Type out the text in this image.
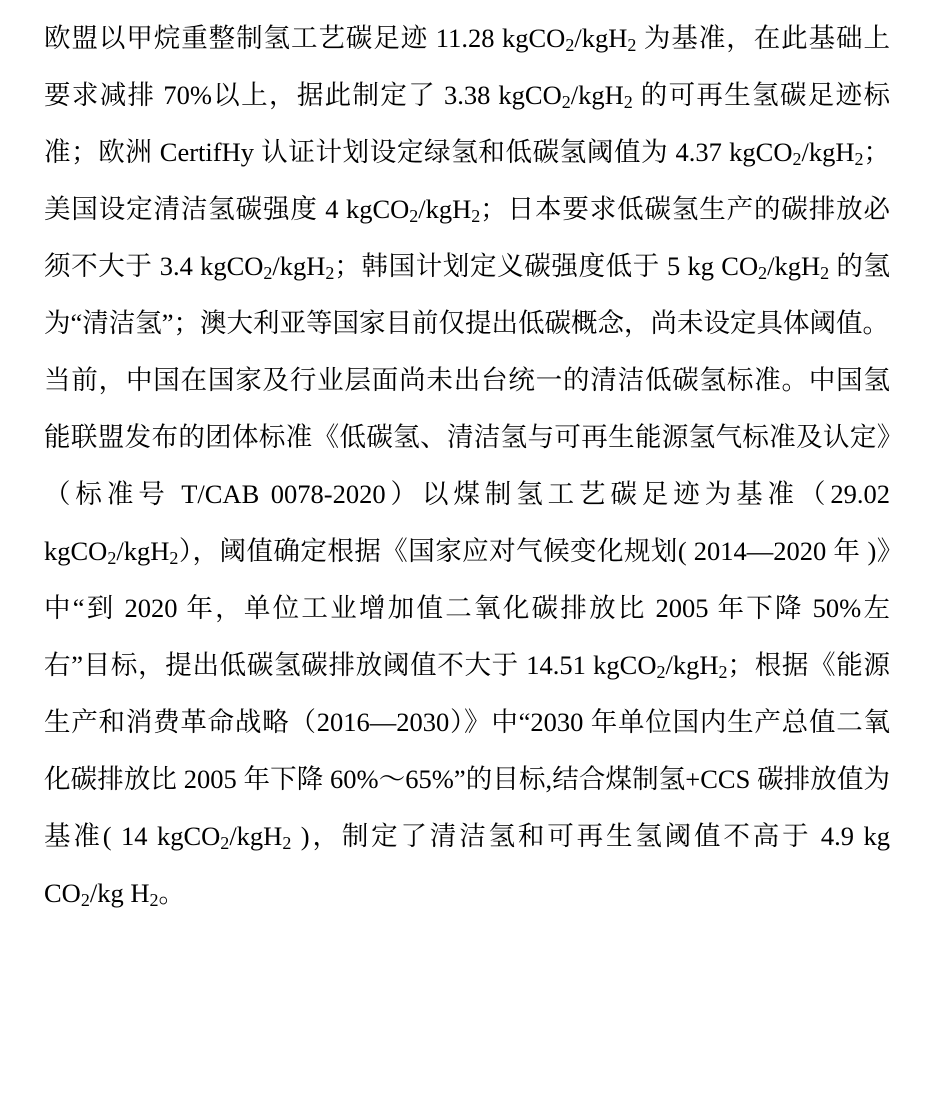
欧盟以甲烷重整制氢工艺碳足迹 11.28 kgCO$_2$/kgH$_2$ 为基准，在此基础上要求减排 70%以上，据此制定了 3.38 kgCO$_2$/kgH$_2$ 的可再生氢碳足迹标准；欧洲 CertifHy 认证计划设定绿氢和低碳氢阈值为 4.37 kgCO$_2$/kgH$_2$；美国设定清洁氢碳强度 4 kgCO$_2$/kgH$_2$；日本要求低碳氢生产的碳排放必须不大于 3.4 kgCO$_2$/kgH$_2$；韩国计划定义碳强度低于 5 kg $CO_2/kgH_2$ 的氢为“清洁氢”；澳大利亚等国家目前仅提出低碳概念，尚未设定具体阈值。

当前，中国在国家及行业层面尚未出台统一的清洁低碳氢标准。中国氢能联盟发布的团体标准《低碳氢、清洁氢与可再生能源氢气标准及认定》（标准号 T/CAB 0078-2020）以煤制氢工艺碳足迹为基准（29.02 kgCO$_2$/kgH$_2$），阈值确定根据《国家应对气候变化规划( 2014—2020 年 )》中“到 2020 年，单位工业增加值二氧化碳排放比 2005 年下降 50%左右”目标，提出低碳氢碳排放阈值不大于 14.51 kgCO$_2$/kgH$_2$；根据《能源生产和消费革命战略（2016—2030）》中“2030 年单位国内生产总值二氧化碳排放比 2005 年下降 60%～65%”的目标,结合煤制氢+CCS 碳排放值为基准( 14 kgCO$_2$/kgH$_2$ )，制定了清洁氢和可再生氢阈值不高于 4.9 kg $CO_2/kg$ $H_2$。
